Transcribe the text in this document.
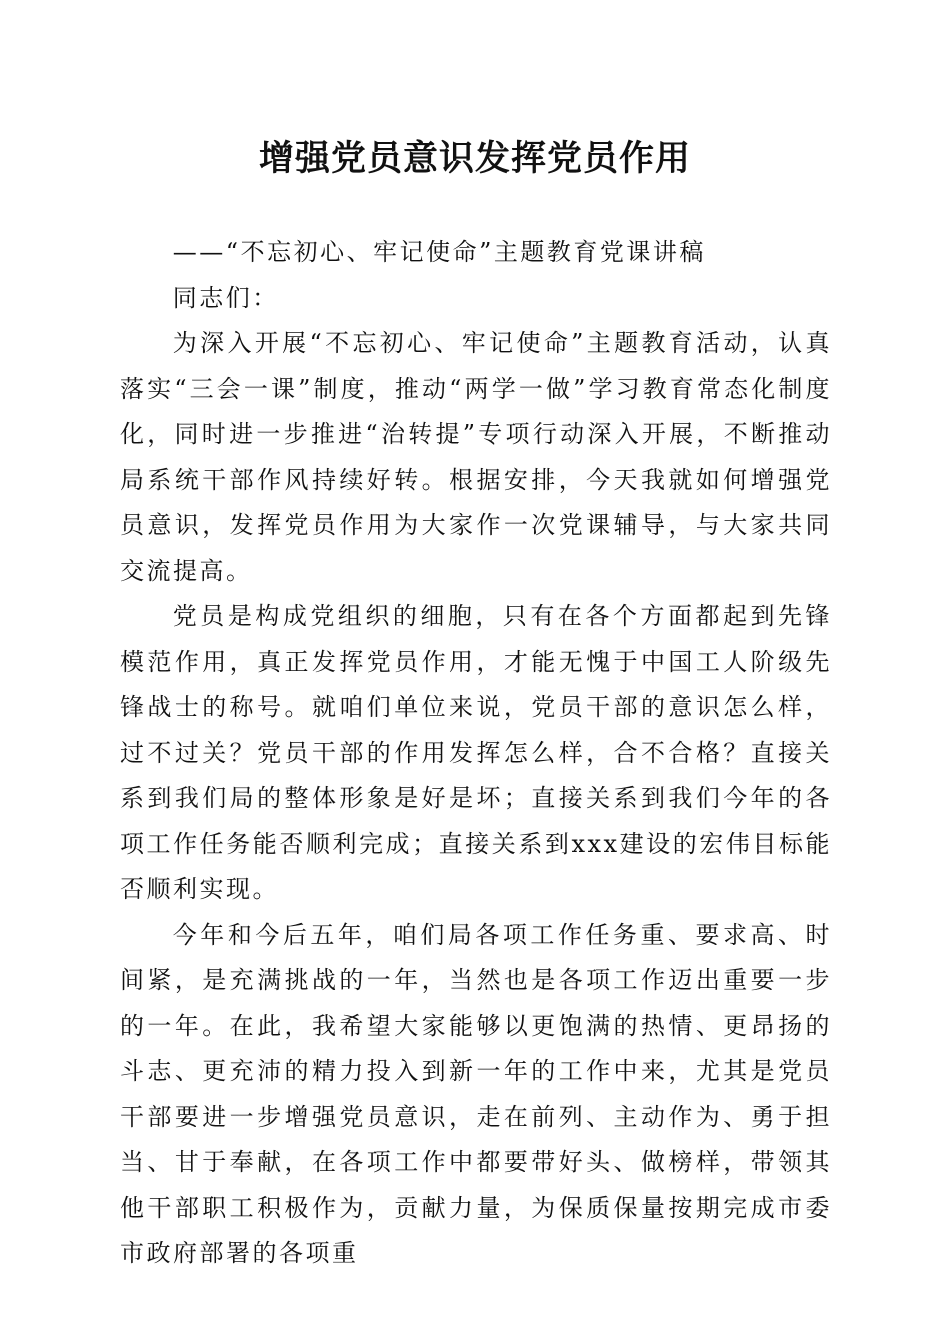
增强党员意识发挥党员作用

——“不忘初心、牢记使命”主题教育党课讲稿

同志们：

为深入开展“不忘初心、牢记使命”主题教育活动，认真落实“三会一课”制度，推动“两学一做”学习教育常态化制度化，同时进一步推进“治转提”专项行动深入开展，不断推动局系统干部作风持续好转。根据安排，今天我就如何增强党员意识，发挥党员作用为大家作一次党课辅导，与大家共同交流提高。

党员是构成党组织的细胞，只有在各个方面都起到先锋模范作用，真正发挥党员作用，才能无愧于中国工人阶级先锋战士的称号。就咱们单位来说，党员干部的意识怎么样，过不过关？党员干部的作用发挥怎么样，合不合格？直接关系到我们局的整体形象是好是坏；直接关系到我们今年的各项工作任务能否顺利完成；直接关系到xxx建设的宏伟目标能否顺利实现。

今年和今后五年，咱们局各项工作任务重、要求高、时间紧，是充满挑战的一年，当然也是各项工作迈出重要一步的一年。在此，我希望大家能够以更饱满的热情、更昂扬的斗志、更充沛的精力投入到新一年的工作中来，尤其是党员干部要进一步增强党员意识，走在前列、主动作为、勇于担当、甘于奉献，在各项工作中都要带好头、做榜样，带领其他干部职工积极作为，贡献力量，为保质保量按期完成市委市政府部署的各项重
